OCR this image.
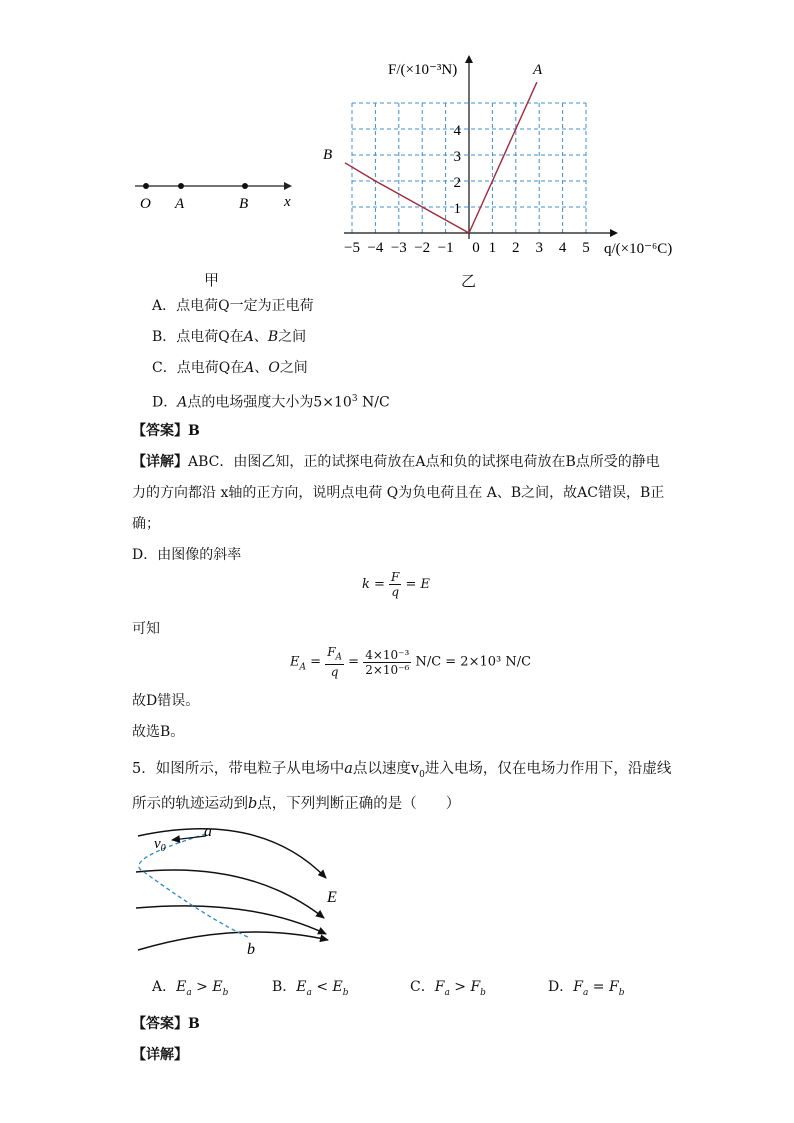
O A	B x
甲
−5 −4 −3 −2 −1 0 1 2 3 4 5
1
2
3
4
F/(×10⁻³N)
q/(×10⁻⁶C)
A
B
乙
A．点电荷Q一定为正电荷
B．点电荷Q在A、B之间
C．点电荷Q在A、O之间
D．A点的电场强度大小为$5\times 10^3$ N/C
【答案】B
【详解】ABC．由图乙知，正的试探电荷放在A点和负的试探电荷放在B点所受的静电
力的方向都沿 x轴的正方向，说明点电荷 Q为负电荷且在 A、B之间，故AC错误，B正
确；
D．由图像的斜率
$k = \frac{F}{q} = E$
可知
$E_A = \frac{F_A}{q} = \frac{\text{4×10⁻³}}{\text{2×10⁻⁶}} N/C = 2\times 10^3$ N/C
故D错误。
故选B。
5．如图所示，带电粒子从电场中a点以速度$v_0$进入电场，仅在电场力作用下，沿虚线
所示的轨迹运动到b点，下列判断正确的是（　　）
a
$v_0$
E
b
A．$E_a > E_b$	B．$E_a < E_b$	C．$F_a > F_b$	D．$F_a = F_b$
【答案】B
【详解】
